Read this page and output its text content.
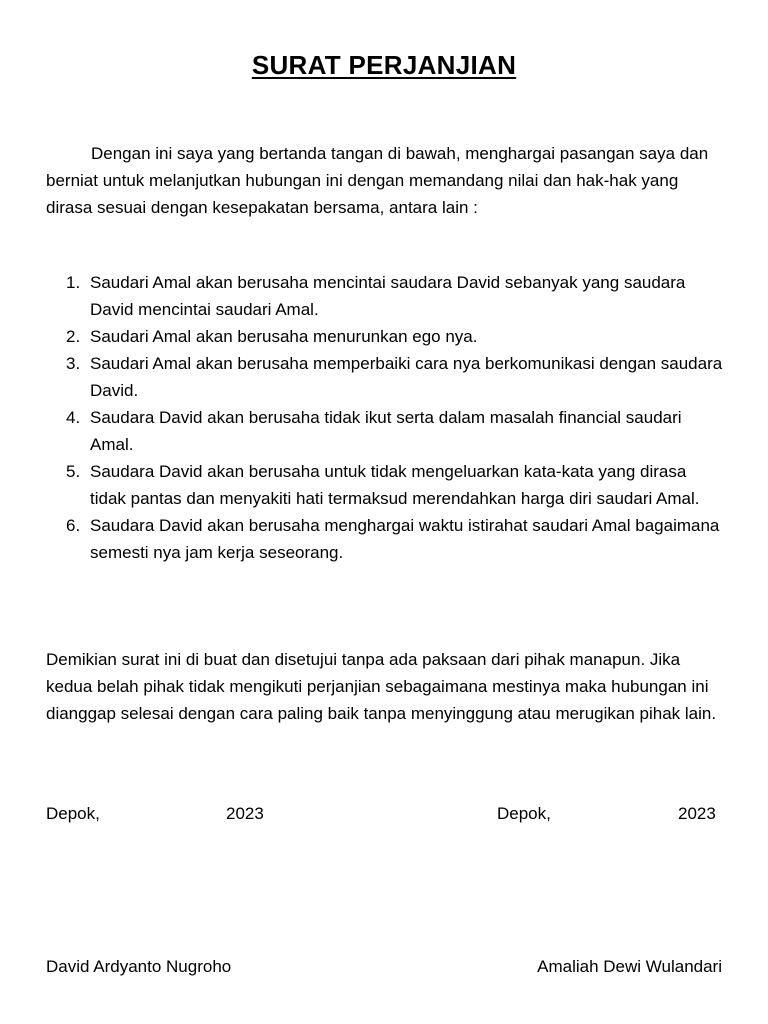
SURAT PERJANJIAN
Dengan ini saya yang bertanda tangan di bawah, menghargai pasangan saya dan berniat untuk melanjutkan hubungan ini dengan memandang nilai dan hak-hak yang dirasa sesuai dengan kesepakatan bersama, antara lain :
1. Saudari Amal akan berusaha mencintai saudara David sebanyak yang saudara David mencintai saudari Amal.
2. Saudari Amal akan berusaha menurunkan ego nya.
3. Saudari Amal akan berusaha memperbaiki cara nya berkomunikasi dengan saudara David.
4. Saudara David akan berusaha tidak ikut serta dalam masalah financial saudari Amal.
5. Saudara David akan berusaha untuk tidak mengeluarkan kata-kata yang dirasa tidak pantas dan menyakiti hati termaksud merendahkan harga diri saudari Amal.
6. Saudara David akan berusaha menghargai waktu istirahat saudari Amal bagaimana semesti nya jam kerja seseorang.
Demikian surat ini di buat dan disetujui tanpa ada paksaan dari pihak manapun. Jika kedua belah pihak tidak mengikuti perjanjian sebagaimana mestinya maka hubungan ini dianggap selesai dengan cara paling baik tanpa menyinggung atau merugikan pihak lain.
Depok,	2023	Depok,	2023
David Ardyanto Nugroho	Amaliah Dewi Wulandari
